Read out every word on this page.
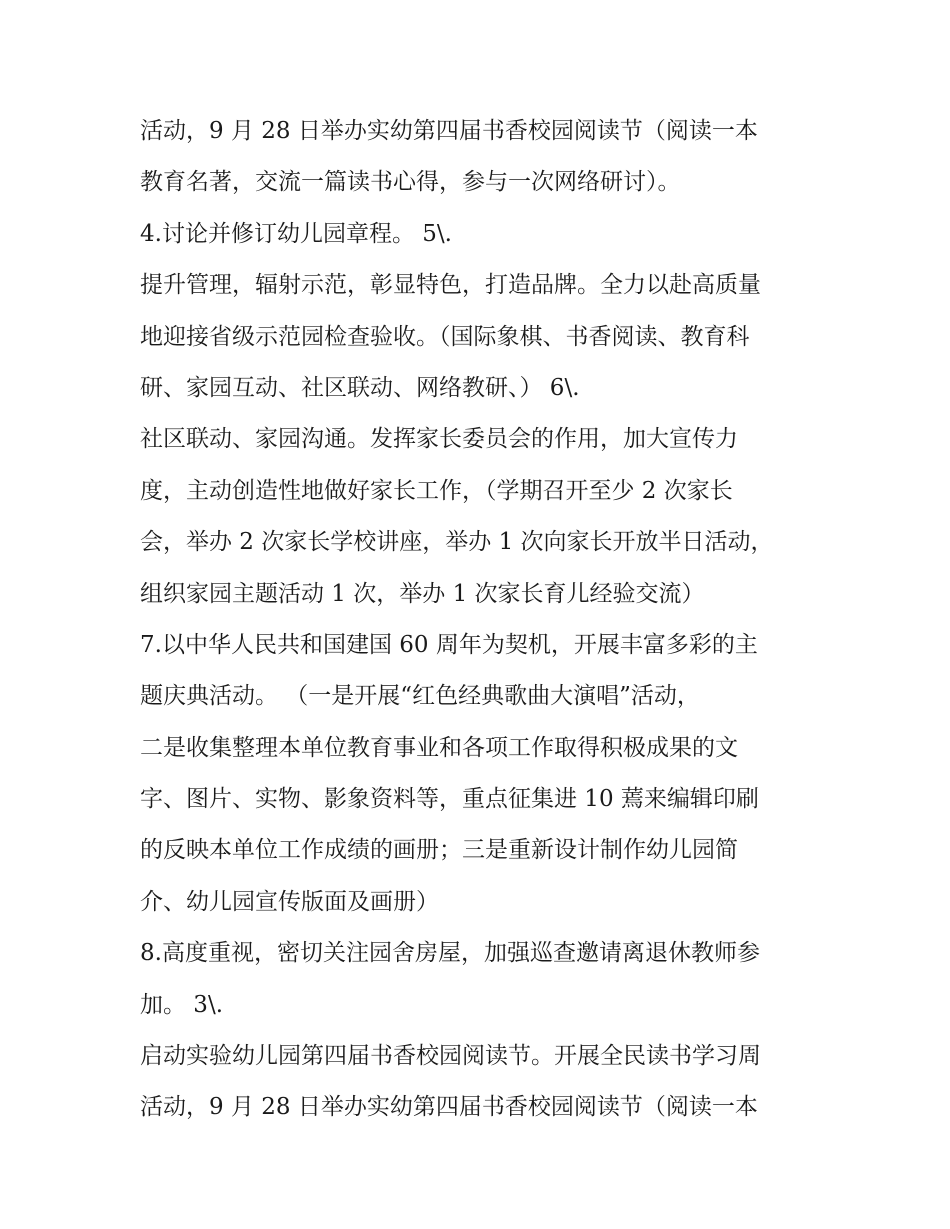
活动，9 月 28 日举办实幼第四届书香校园阅读节（阅读一本
教育名著，交流一篇读书心得，参与一次网络研讨）。
4.讨论并修订幼儿园章程。 5\.
提升管理，辐射示范，彰显特色，打造品牌。全力以赴高质量
地迎接省级示范园检查验收。（国际象棋、书香阅读、教育科
研、家园互动、社区联动、网络教研、） 6\.
社区联动、家园沟通。发挥家长委员会的作用，加大宣传力
度，主动创造性地做好家长工作，（学期召开至少 2 次家长
会，举办 2 次家长学校讲座，举办 1 次向家长开放半日活动，
组织家园主题活动 1 次，举办 1 次家长育儿经验交流）
7.以中华人民共和国建国 60 周年为契机，开展丰富多彩的主
题庆典活动。 （一是开展“红色经典歌曲大演唱”活动，
二是收集整理本单位教育事业和各项工作取得积极成果的文
字、图片、实物、影象资料等，重点征集进 10 蔫来编辑印刷
的反映本单位工作成绩的画册；三是重新设计制作幼儿园简
介、幼儿园宣传版面及画册）
8.高度重视，密切关注园舍房屋，加强巡查邀请离退休教师参
加。 3\.
启动实验幼儿园第四届书香校园阅读节。开展全民读书学习周
活动，9 月 28 日举办实幼第四届书香校园阅读节（阅读一本
